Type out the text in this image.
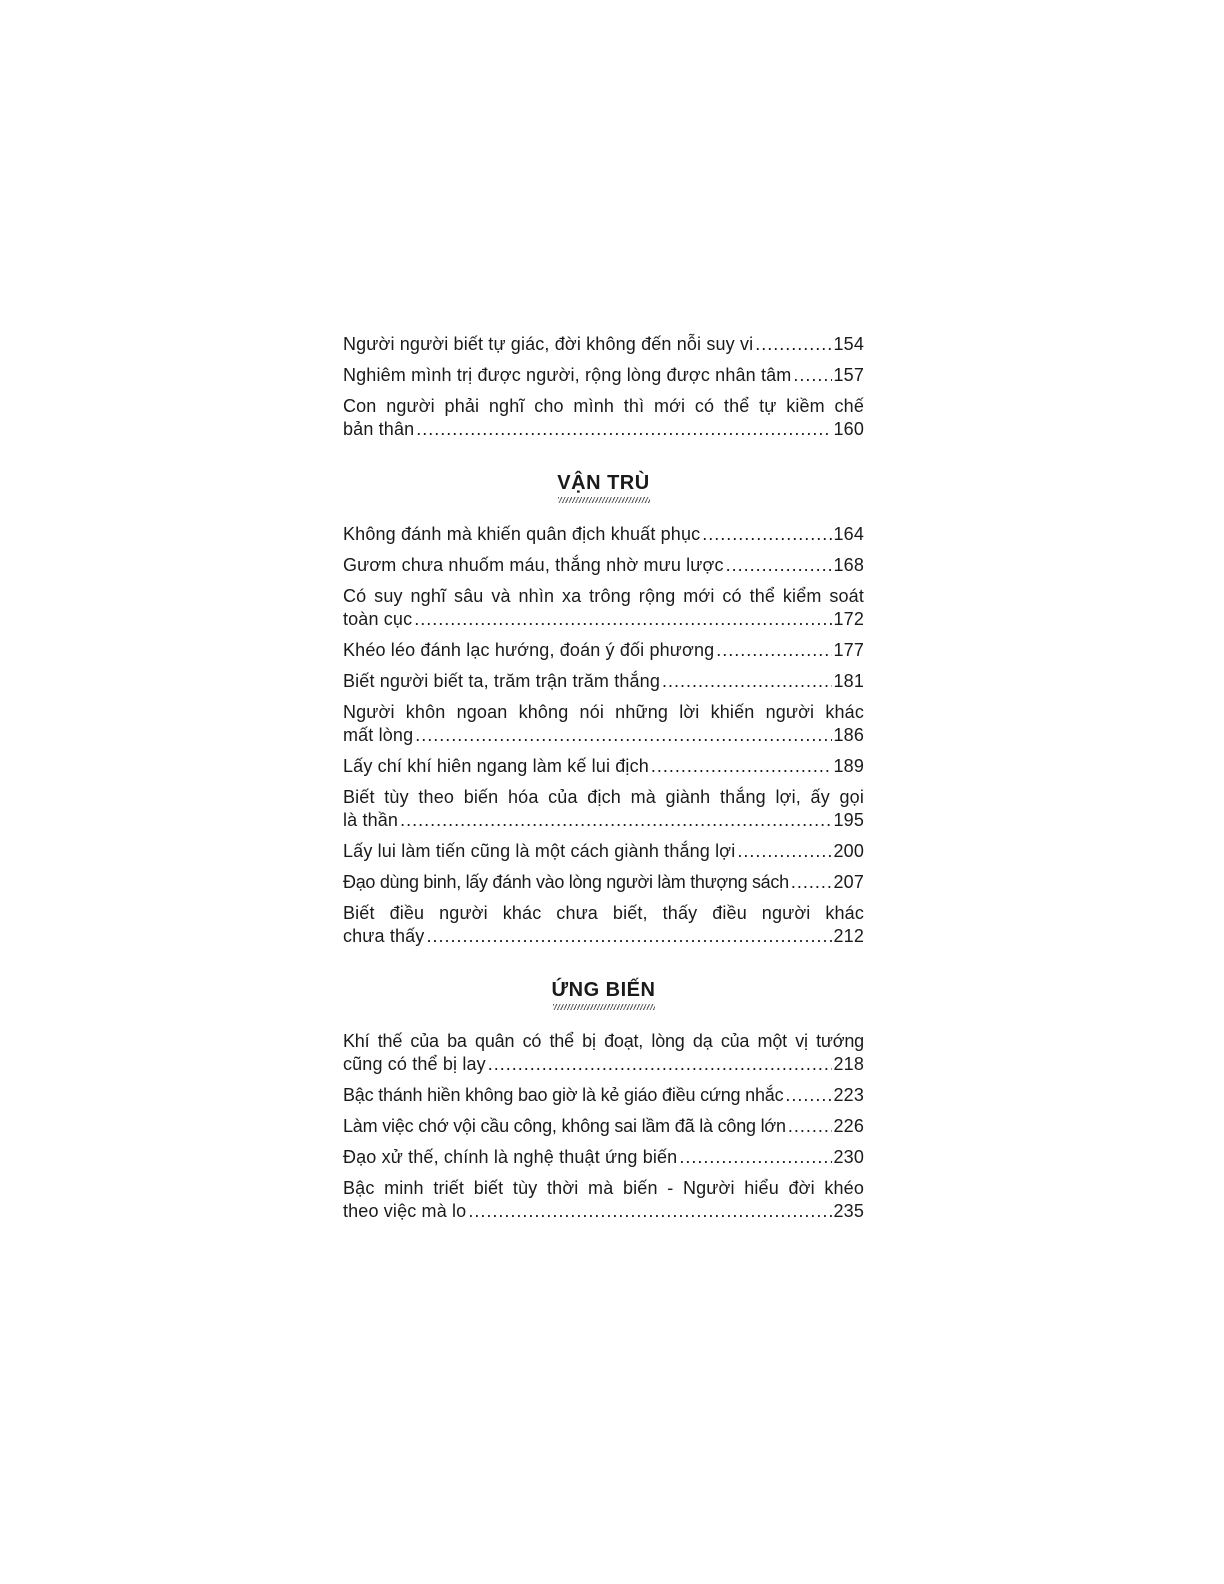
Người người biết tự giác, đời không đến nỗi suy vi .....	154
Nghiêm mình trị được người, rộng lòng được nhân tâm ..... 157
Con người phải nghĩ cho mình thì mới có thể tự kiềm chế
bản thân .....	160
VẬN TRÙ
Không đánh mà khiến quân địch khuất phục .....	164
Gươm chưa nhuốm máu, thắng nhờ mưu lược .....	168
Có suy nghĩ sâu và nhìn xa trông rộng mới có thể kiểm soát
toàn cục .....	172
Khéo léo đánh lạc hướng, đoán ý đối phương .....	177
Biết người biết ta, trăm trận trăm thắng .....	181
Người khôn ngoan không nói những lời khiến người khác
mất lòng .....	186
Lấy chí khí hiên ngang làm kế lui địch .....	189
Biết tùy theo biến hóa của địch mà giành thắng lợi, ấy gọi
là thần .....	195
Lấy lui làm tiến cũng là một cách giành thắng lợi .....	200
Đạo dùng binh, lấy đánh vào lòng người làm thượng sách ..... 207
Biết điều người khác chưa biết, thấy điều người khác
chưa thấy .....	212
ỨNG BIẾN
Khí thế của ba quân có thể bị đoạt, lòng dạ của một vị tướng
cũng có thể bị lay .....	218
Bậc thánh hiền không bao giờ là kẻ giáo điều cứng nhắc .....	223
Làm việc chớ vội cầu công, không sai lầm đã là công lớn .....	226
Đạo xử thế, chính là nghệ thuật ứng biến .....	230
Bậc minh triết biết tùy thời mà biến - Người hiểu đời khéo
theo việc mà lo .....	235
